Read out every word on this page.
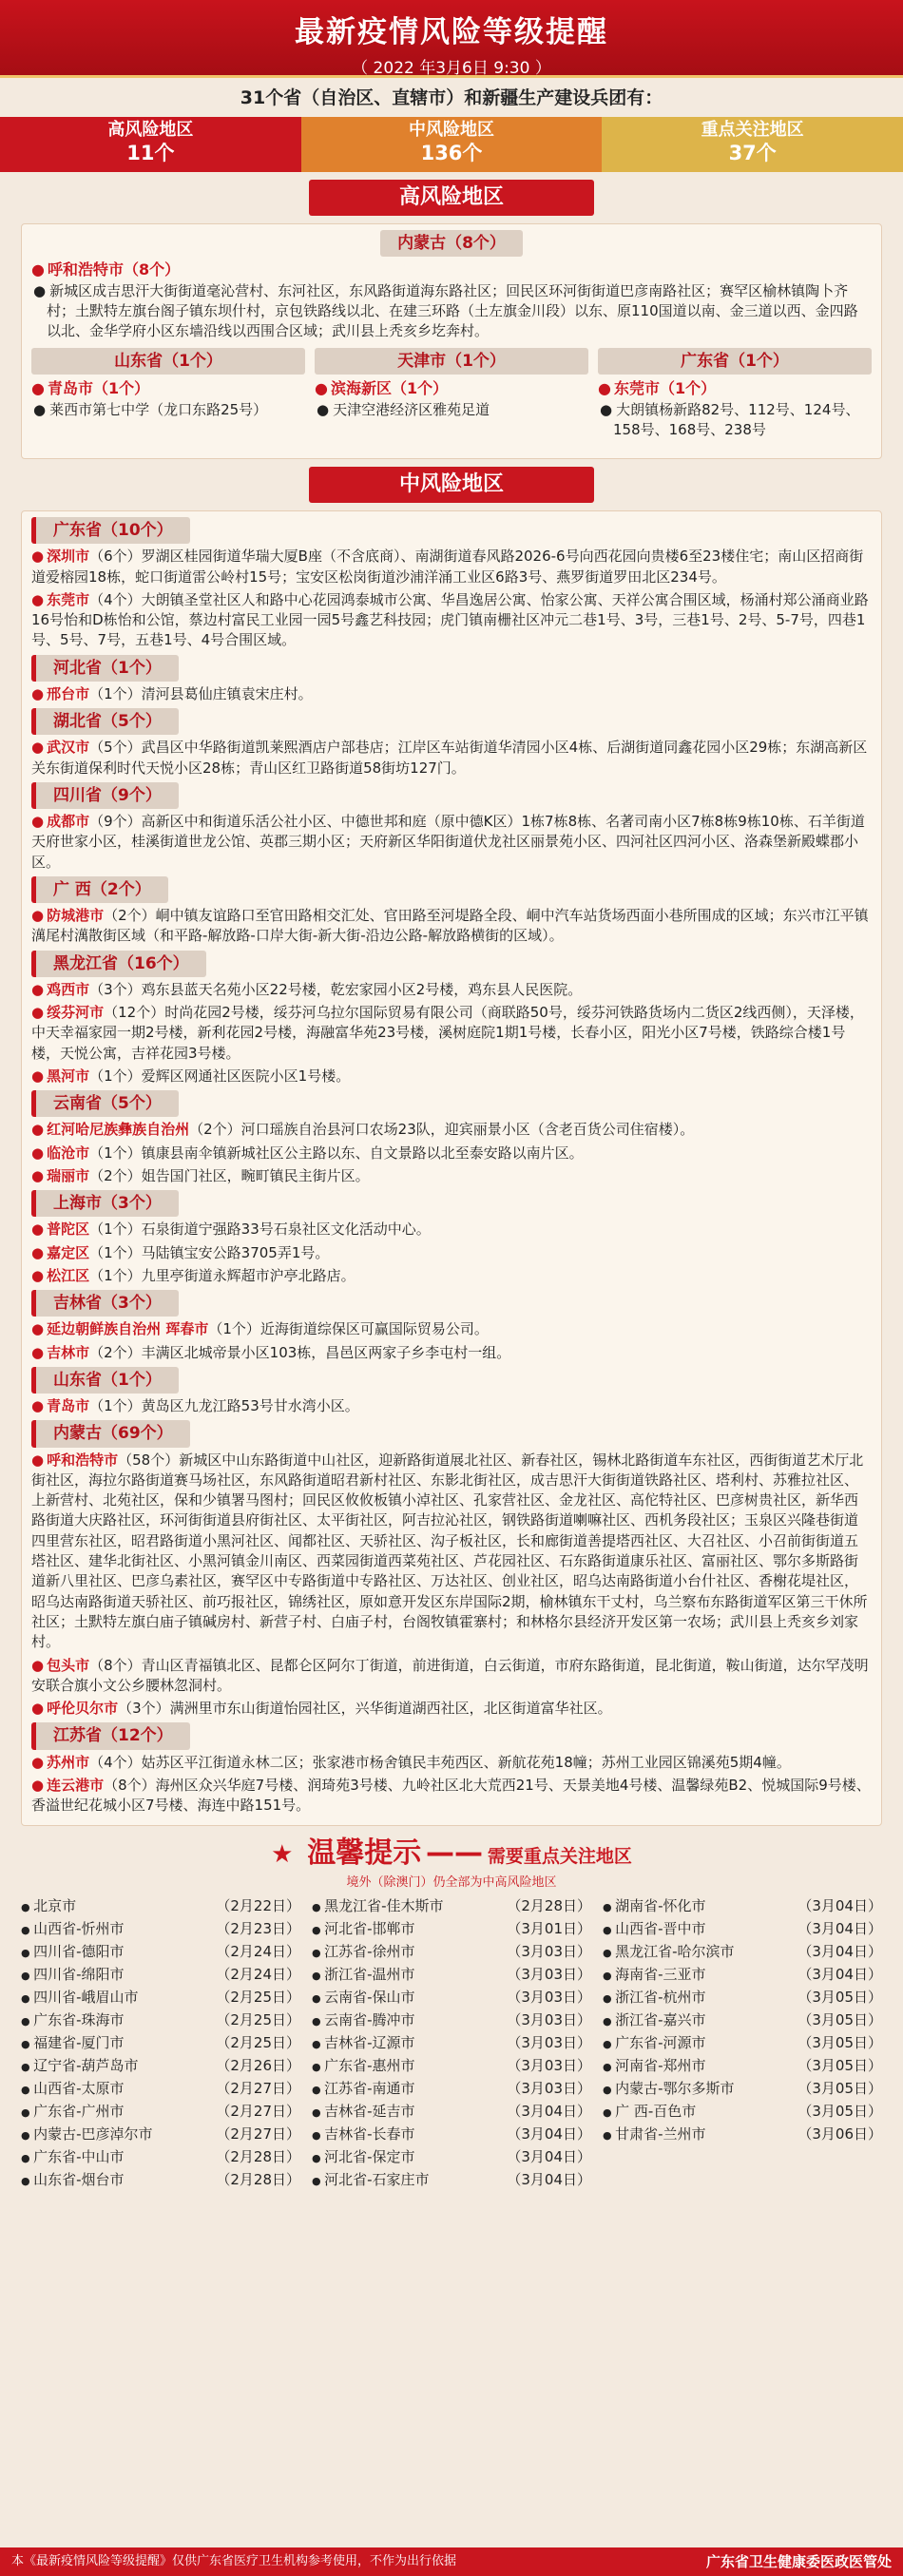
最新疫情风险等级提醒
（ 2022 年3月6日 9:30 ）
31个省（自治区、直辖市）和新疆生产建设兵团有：
高风险地区
11个
中风险地区
136个
重点关注地区
37个
高风险地区
内蒙古（8个）
● 呼和浩特市（8个）
● 新城区成吉思汗大街街道毫沁营村、东河社区，东风路街道海东路社区；回民区环河街街道巴彦南路社区；赛罕区榆林镇陶卜齐村；土默特左旗台阁子镇东坝什村，京包铁路线以北、在建三环路（土左旗金川段）以东、原110国道以南、金三道以西、金四路以北、金华学府小区东墙沿线以西围合区域；武川县上秃亥乡圪奔村。
山东省（1个）
● 青岛市（1个）
● 莱西市第七中学（龙口东路25号）
天津市（1个）
● 滨海新区（1个）
● 天津空港经济区雅苑足道
广东省（1个）
● 东莞市（1个）
● 大朗镇杨新路82号、112号、124号、158号、168号、238号
中风险地区
广东省（10个）
● 深圳市（6个）罗湖区桂园街道华瑞大厦B座（不含底商）、南湖街道春风路2026-6号向西花园向贵楼6至23楼住宅；南山区招商街道爱榕园18栋，蛇口街道雷公岭村15号；宝安区松岗街道沙浦洋涌工业区6路3号、燕罗街道罗田北区234号。
● 东莞市（4个）大朗镇圣堂社区人和路中心花园鸿泰城市公寓、华昌逸居公寓、怡家公寓、天祥公寓合围区域，杨涌村郑公涌商业路16号怡和D栋怡和公馆，蔡边村富民工业园一园5号鑫艺科技园；虎门镇南栅社区冲元二巷1号、3号，三巷1号、2号、5-7号，四巷1号、5号、7号，五巷1号、4号合围区域。
河北省（1个）
● 邢台市（1个）清河县葛仙庄镇袁宋庄村。
湖北省（5个）
● 武汉市（5个）武昌区中华路街道凯莱熙酒店户部巷店；江岸区车站街道华清园小区4栋、后湖街道同鑫花园小区29栋；东湖高新区关东街道保利时代天悦小区28栋；青山区红卫路街道58街坊127门。
四川省（9个）
● 成都市（9个）高新区中和街道乐活公社小区、中德世邦和庭（原中德K区）1栋7栋8栋、名著司南小区7栋8栋9栋10栋、石羊街道天府世家小区，桂溪街道世龙公馆、英郡三期小区；天府新区华阳街道伏龙社区丽景苑小区、四河社区四河小区、洛森堡新殿蝶郡小区。
广 西（2个）
● 防城港市（2个）峒中镇友谊路口至官田路相交汇处、官田路至河堤路全段、峒中汽车站货场西面小巷所围成的区域；东兴市江平镇澫尾村澫散街区域（和平路-解放路-口岸大街-新大街-沿边公路-解放路横街的区域）。
黑龙江省（16个）
● 鸡西市（3个）鸡东县蓝天名苑小区22号楼，乾宏家园小区2号楼，鸡东县人民医院。
● 绥芬河市（12个）时尚花园2号楼，绥芬河乌拉尔国际贸易有限公司（商联路50号，绥芬河铁路货场内二货区2线西侧），天泽楼，中天幸福家园一期2号楼，新利花园2号楼，海融富华苑23号楼，溪树庭院1期1号楼，长春小区，阳光小区7号楼，铁路综合楼1号楼，天悦公寓，吉祥花园3号楼。
● 黑河市（1个）爱辉区网通社区医院小区1号楼。
云南省（5个）
● 红河哈尼族彝族自治州（2个）河口瑶族自治县河口农场23队，迎宾丽景小区（含老百货公司住宿楼）。
● 临沧市（1个）镇康县南伞镇新城社区公主路以东、自文景路以北至泰安路以南片区。
● 瑞丽市（2个）姐告国门社区，畹町镇民主街片区。
上海市（3个）
● 普陀区（1个）石泉街道宁强路33号石泉社区文化活动中心。
● 嘉定区（1个）马陆镇宝安公路3705弄1号。
● 松江区（1个）九里亭街道永辉超市沪亭北路店。
吉林省（3个）
● 延边朝鲜族自治州 珲春市（1个）近海街道综保区可赢国际贸易公司。
● 吉林市（2个）丰满区北城帝景小区103栋，昌邑区两家子乡李屯村一组。
山东省（1个）
● 青岛市（1个）黄岛区九龙江路53号甘水湾小区。
内蒙古（69个）
● 呼和浩特市（58个）新城区中山东路街道中山社区，迎新路街道展北社区、新春社区，锡林北路街道车东社区，西街街道艺术厅北街社区，海拉尔路街道赛马场社区，东风路街道昭君新村社区、东影北街社区，成吉思汗大街街道铁路社区、塔利村、苏雅拉社区、上新营村、北苑社区，保和少镇署马图村；回民区攸攸板镇小淖社区、孔家营社区、金龙社区、高佗特社区、巴彦树贵社区，新华西路街道大庆路社区，环河街街道县府街社区、太平街社区，阿吉拉沁社区，钢铁路街道喇嘛社区、西机务段社区；玉泉区兴隆巷街道四里营东社区，昭君路街道小黑河社区、闻都社区、天骄社区、沟子板社区，长和廊街道善提塔西社区、大召社区、小召前街街道五塔社区、建华北街社区、小黑河镇金川南区、西菜园街道西菜苑社区、芦花园社区、石东路街道康乐社区、富丽社区、鄂尔多斯路街道新八里社区、巴彦乌素社区，赛罕区中专路街道中专路社区、万达社区、创业社区，昭乌达南路街道小台什社区、香榭花堤社区，昭乌达南路街道天骄社区、前巧报社区，锦绣社区，原如意开发区东岸国际2期，榆林镇东干丈村，乌兰察布东路街道军区第三干休所社区；土默特左旗白庙子镇碱房村、新营子村、白庙子村，台阁牧镇霍寨村；和林格尔县经济开发区第一农场；武川县上秃亥乡刘家村。
● 包头市（8个）青山区青福镇北区、昆都仑区阿尔丁街道，前进街道，白云街道，市府东路街道，昆北街道，鞍山街道，达尔罕茂明安联合旗小文公乡腰林忽洞村。
● 呼伦贝尔市（3个）满洲里市东山街道怡园社区，兴华街道湖西社区，北区街道富华社区。
江苏省（12个）
● 苏州市（4个）姑苏区平江街道永林二区；张家港市杨舍镇民丰苑西区、新航花苑18幢；苏州工业园区锦溪苑5期4幢。
● 连云港市（8个）海州区众兴华庭7号楼、润琦苑3号楼、九岭社区北大荒西21号、天景美地4号楼、温馨绿苑B2、悦城国际9号楼、香溢世纪花城小区7号楼、海连中路151号。
★ 温馨提示 —— 需要重点关注地区
境外（除澳门）仍全部为中高风险地区
● 北京市	（2月22日）
● 山西省-忻州市	（2月23日）
● 四川省-德阳市	（2月24日）
● 四川省-绵阳市	（2月24日）
● 四川省-峨眉山市	（2月25日）
● 广东省-珠海市	（2月25日）
● 福建省-厦门市	（2月25日）
● 辽宁省-葫芦岛市	（2月26日）
● 山西省-太原市	（2月27日）
● 广东省-广州市	（2月27日）
● 内蒙古-巴彦淖尔市	（2月27日）
● 广东省-中山市	（2月28日）
● 山东省-烟台市	（2月28日）
● 黑龙江省-佳木斯市	（2月28日）
● 河北省-邯郸市	（3月01日）
● 江苏省-徐州市	（3月03日）
● 浙江省-温州市	（3月03日）
● 云南省-保山市	（3月03日）
● 云南省-腾冲市	（3月03日）
● 吉林省-辽源市	（3月03日）
● 广东省-惠州市	（3月03日）
● 江苏省-南通市	（3月03日）
● 吉林省-延吉市	（3月04日）
● 吉林省-长春市	（3月04日）
● 河北省-保定市	（3月04日）
● 河北省-石家庄市	（3月04日）
● 湖南省-怀化市	（3月04日）
● 山西省-晋中市	（3月04日）
● 黑龙江省-哈尔滨市	（3月04日）
● 海南省-三亚市	（3月04日）
● 浙江省-杭州市	（3月05日）
● 浙江省-嘉兴市	（3月05日）
● 广东省-河源市	（3月05日）
● 河南省-郑州市	（3月05日）
● 内蒙古-鄂尔多斯市	（3月05日）
● 广 西-百色市	（3月05日）
● 甘肃省-兰州市	（3月06日）
本《最新疫情风险等级提醒》仅供广东省医疗卫生机构参考使用，不作为出行依据	广东省卫生健康委医政医管处
